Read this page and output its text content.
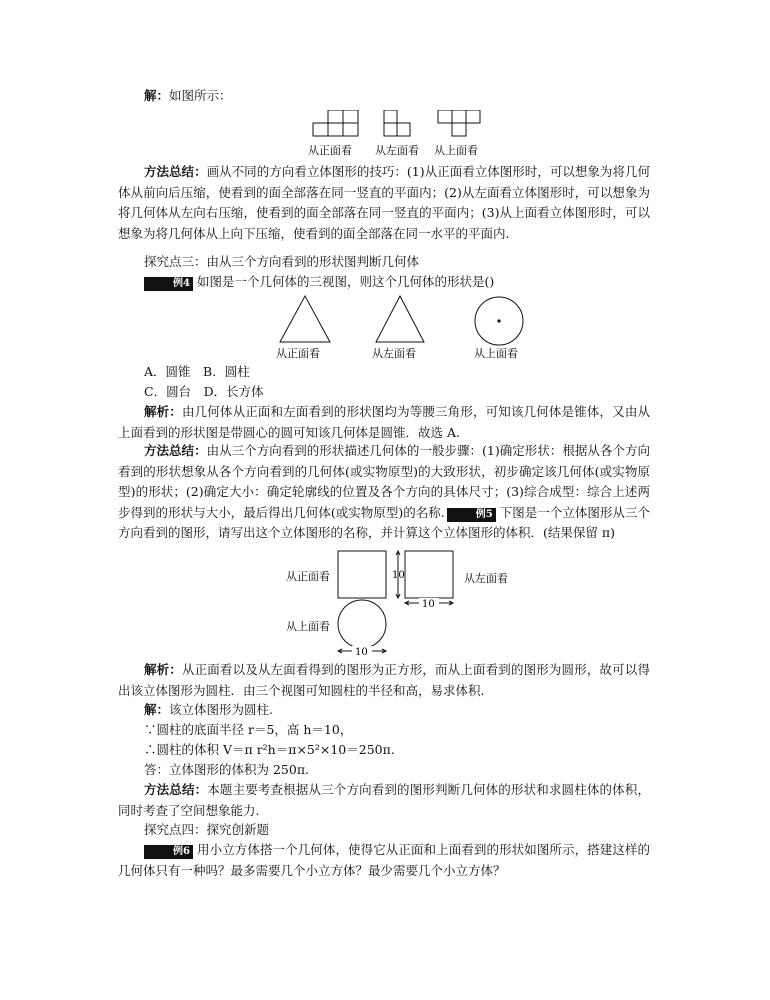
解：如图所示：
从正面看 从左面看 从上面看
方法总结：画从不同的方向看立体图形的技巧：(1)从正面看立体图形时，可以想象为将几何体从前向后压缩，使看到的面全部落在同一竖直的平面内；(2)从左面看立体图形时，可以想象为将几何体从左向右压缩，使看到的面全部落在同一竖直的平面内；(3)从上面看立体图形时，可以想象为将几何体从上向下压缩，使看到的面全部落在同一水平的平面内.
探究点三：由从三个方向看到的形状图判断几何体
例4 如图是一个几何体的三视图，则这个几何体的形状是()
从正面看	从左面看	从上面看
A．圆锥　B．圆柱
C．圆台　D．长方体
解析：由几何体从正面和左面看到的形状图均为等腰三角形，可知该几何体是锥体，又由从上面看到的形状图是带圆心的圆可知该几何体是圆锥．故选 A.
方法总结：由从三个方向看到的形状描述几何体的一般步骤：(1)确定形状：根据从各个方向看到的形状想象从各个方向看到的几何体(或实物原型)的大致形状，初步确定该几何体(或实物原型)的形状；(2)确定大小：确定轮廓线的位置及各个方向的具体尺寸；(3)综合成型：综合上述两步得到的形状与大小，最后得出几何体(或实物原型)的名称.	例5 下图是一个立体图形从三个方向看到的图形，请写出这个立体图形的名称，并计算这个立体图形的体积．(结果保留 π)
10
10
10
从正面看	从左面看
从上面看
解析：从正面看以及从左面看得到的图形为正方形，而从上面看到的图形为圆形，故可以得出该立体图形为圆柱．由三个视图可知圆柱的半径和高，易求体积.
解：该立体图形为圆柱.
∵圆柱的底面半径 r＝5，高 h＝10，
∴圆柱的体积 V＝π r²h＝π×5²×10＝250π.
答：立体图形的体积为 250π.
方法总结：本题主要考查根据从三个方向看到的图形判断几何体的形状和求圆柱体的体积，同时考查了空间想象能力.
探究点四：探究创新题
例6 用小立方体搭一个几何体，使得它从正面和上面看到的形状如图所示，搭建这样的几何体只有一种吗？最多需要几个小立方体？最少需要几个小立方体？
